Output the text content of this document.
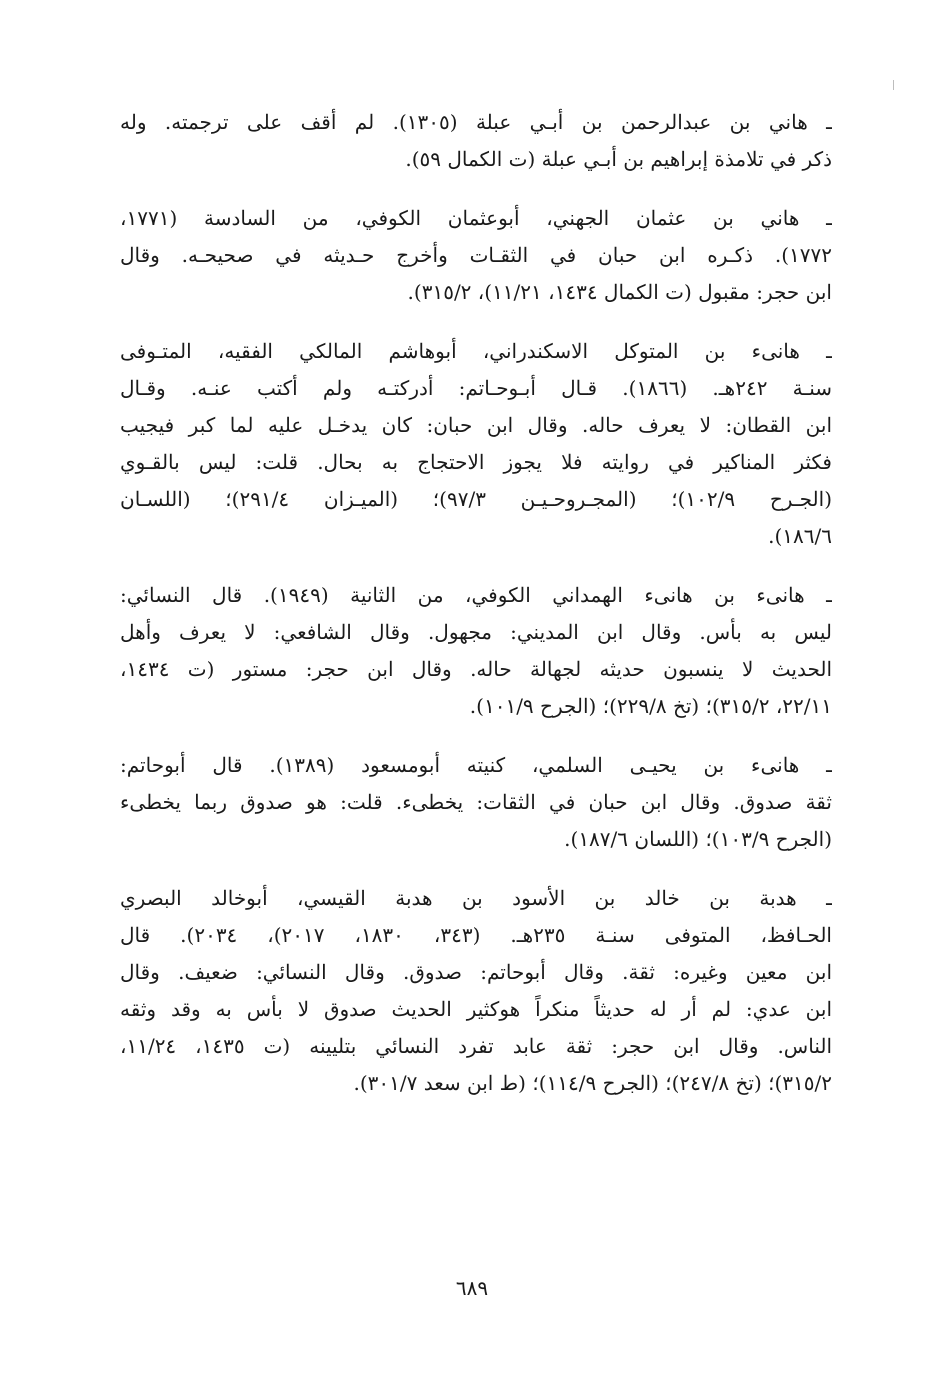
ـ هاني بن عبدالرحمن بن أبـي عبلة (١٣٠٥). لم أقف على ترجمته. وله
ذكر في تلامذة إبراهيم بن أبـي عبلة (ت الكمال ٥٩).
ـ هاني بن عثمان الجهني، أبوعثمان الكوفي، من السادسة (١٧٧١،
١٧٧٢). ذكـره ابن حبان في الثقـات وأخرج حـديثه في صحيحـه. وقال
ابن حجر: مقبول (ت الكمال ١٤٣٤، ١١/٢١)، ٣١٥/٢).
ـ هانىء بن المتوكل الاسكندراني، أبوهاشم المالكي الفقيه، المتـوفى
سنـة ٢٤٢هـ. (١٨٦٦). قـال أبـوحـاتم: أدركتـه ولم أكتب عنـه. وقـال
ابن القطان: لا يعرف حاله. وقال ابن حبان: كان يدخـل عليه لما كبر فيجيب
فكثر المناكير في روايته فلا يجوز الاحتجاج به بحال. قلت: ليس بالقـوي
(الجـرح ١٠٢/٩)؛ (المجـروحـيـن ٩٧/٣)؛ (الميـزان ٢٩١/٤)؛ (اللسـان
١٨٦/٦).
ـ هانىء بن هانىء الهمداني الكوفي، من الثانية (١٩٤٩). قال النسائي:
ليس به بأس. وقال ابن المديني: مجهول. وقال الشافعي: لا يعرف وأهل
الحديث لا ينسبون حديثه لجهالة حاله. وقال ابن حجر: مستور (ت ١٤٣٤،
٢٢/١١، ٣١٥/٢)؛ (تخ ٢٢٩/٨)؛ (الجرح ١٠١/٩).
ـ هانىء بن يحيـى السلمي، كنيته أبومسعود (١٣٨٩). قال أبوحاتم:
ثقة صدوق. وقال ابن حبان في الثقات: يخطىء. قلت: هو صدوق ربما يخطىء
(الجرح ١٠٣/٩)؛ (اللسان ١٨٧/٦).
ـ هدبة بن خالد بن الأسود بن هدبة القيسي، أبوخالد البصري
الحـافظ، المتوفى سنـة ٢٣٥هـ. (٣٤٣، ١٨٣٠، ٢٠١٧)، ٢٠٣٤). قال
ابن معين وغيره: ثقة. وقال أبوحاتم: صدوق. وقال النسائي: ضعيف. وقال
ابن عدي: لم أر له حديثاً منكراً هوكثير الحديث صدوق لا بأس به وقد وثقه
الناس. وقال ابن حجر: ثقة عابد تفرد النسائي بتليينه (ت ١٤٣٥، ١١/٢٤،
٣١٥/٢)؛ (تخ ٢٤٧/٨)؛ (الجرح ١١٤/٩)؛ (ط ابن سعد ٣٠١/٧).
٦٨٩
